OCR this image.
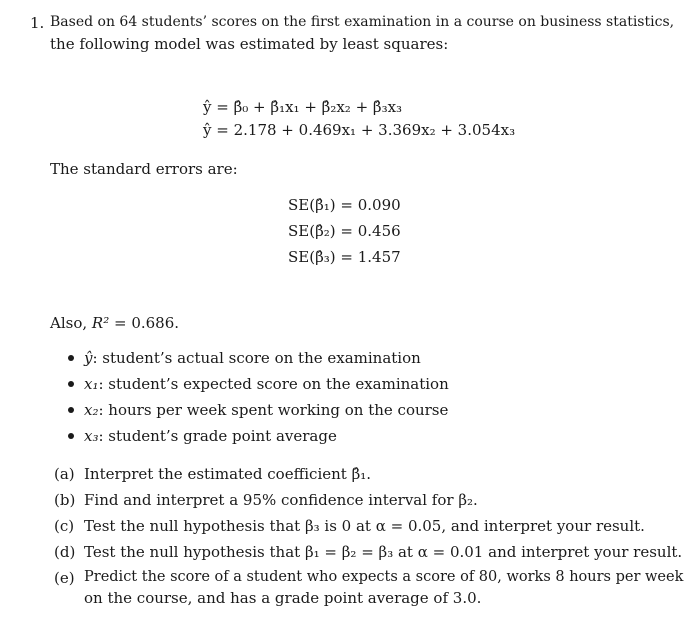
1. Based on 64 students’ scores on the first examination in a course on business statistics,
the following model was estimated by least squares:
ŷ = β̂₀ + β̂₁x₁ + β̂₂x₂ + β̂₃x₃
ŷ = 2.178 + 0.469x₁ + 3.369x₂ + 3.054x₃
The standard errors are:
SE(β̂₁) = 0.090
SE(β̂₂) = 0.456
SE(β̂₃) = 1.457
Also, R² = 0.686.
ŷ: student’s actual score on the examination
x₁: student’s expected score on the examination
x₂: hours per week spent working on the course
x₃: student’s grade point average
(a) Interpret the estimated coefficient β̂₁.
(b) Find and interpret a 95% confidence interval for β₂.
(c) Test the null hypothesis that β₃ is 0 at α = 0.05, and interpret your result.
(d) Test the null hypothesis that β₁ = β₂ = β₃ at α = 0.01 and interpret your result.
(e) Predict the score of a student who expects a score of 80, works 8 hours per week
on the course, and has a grade point average of 3.0.
